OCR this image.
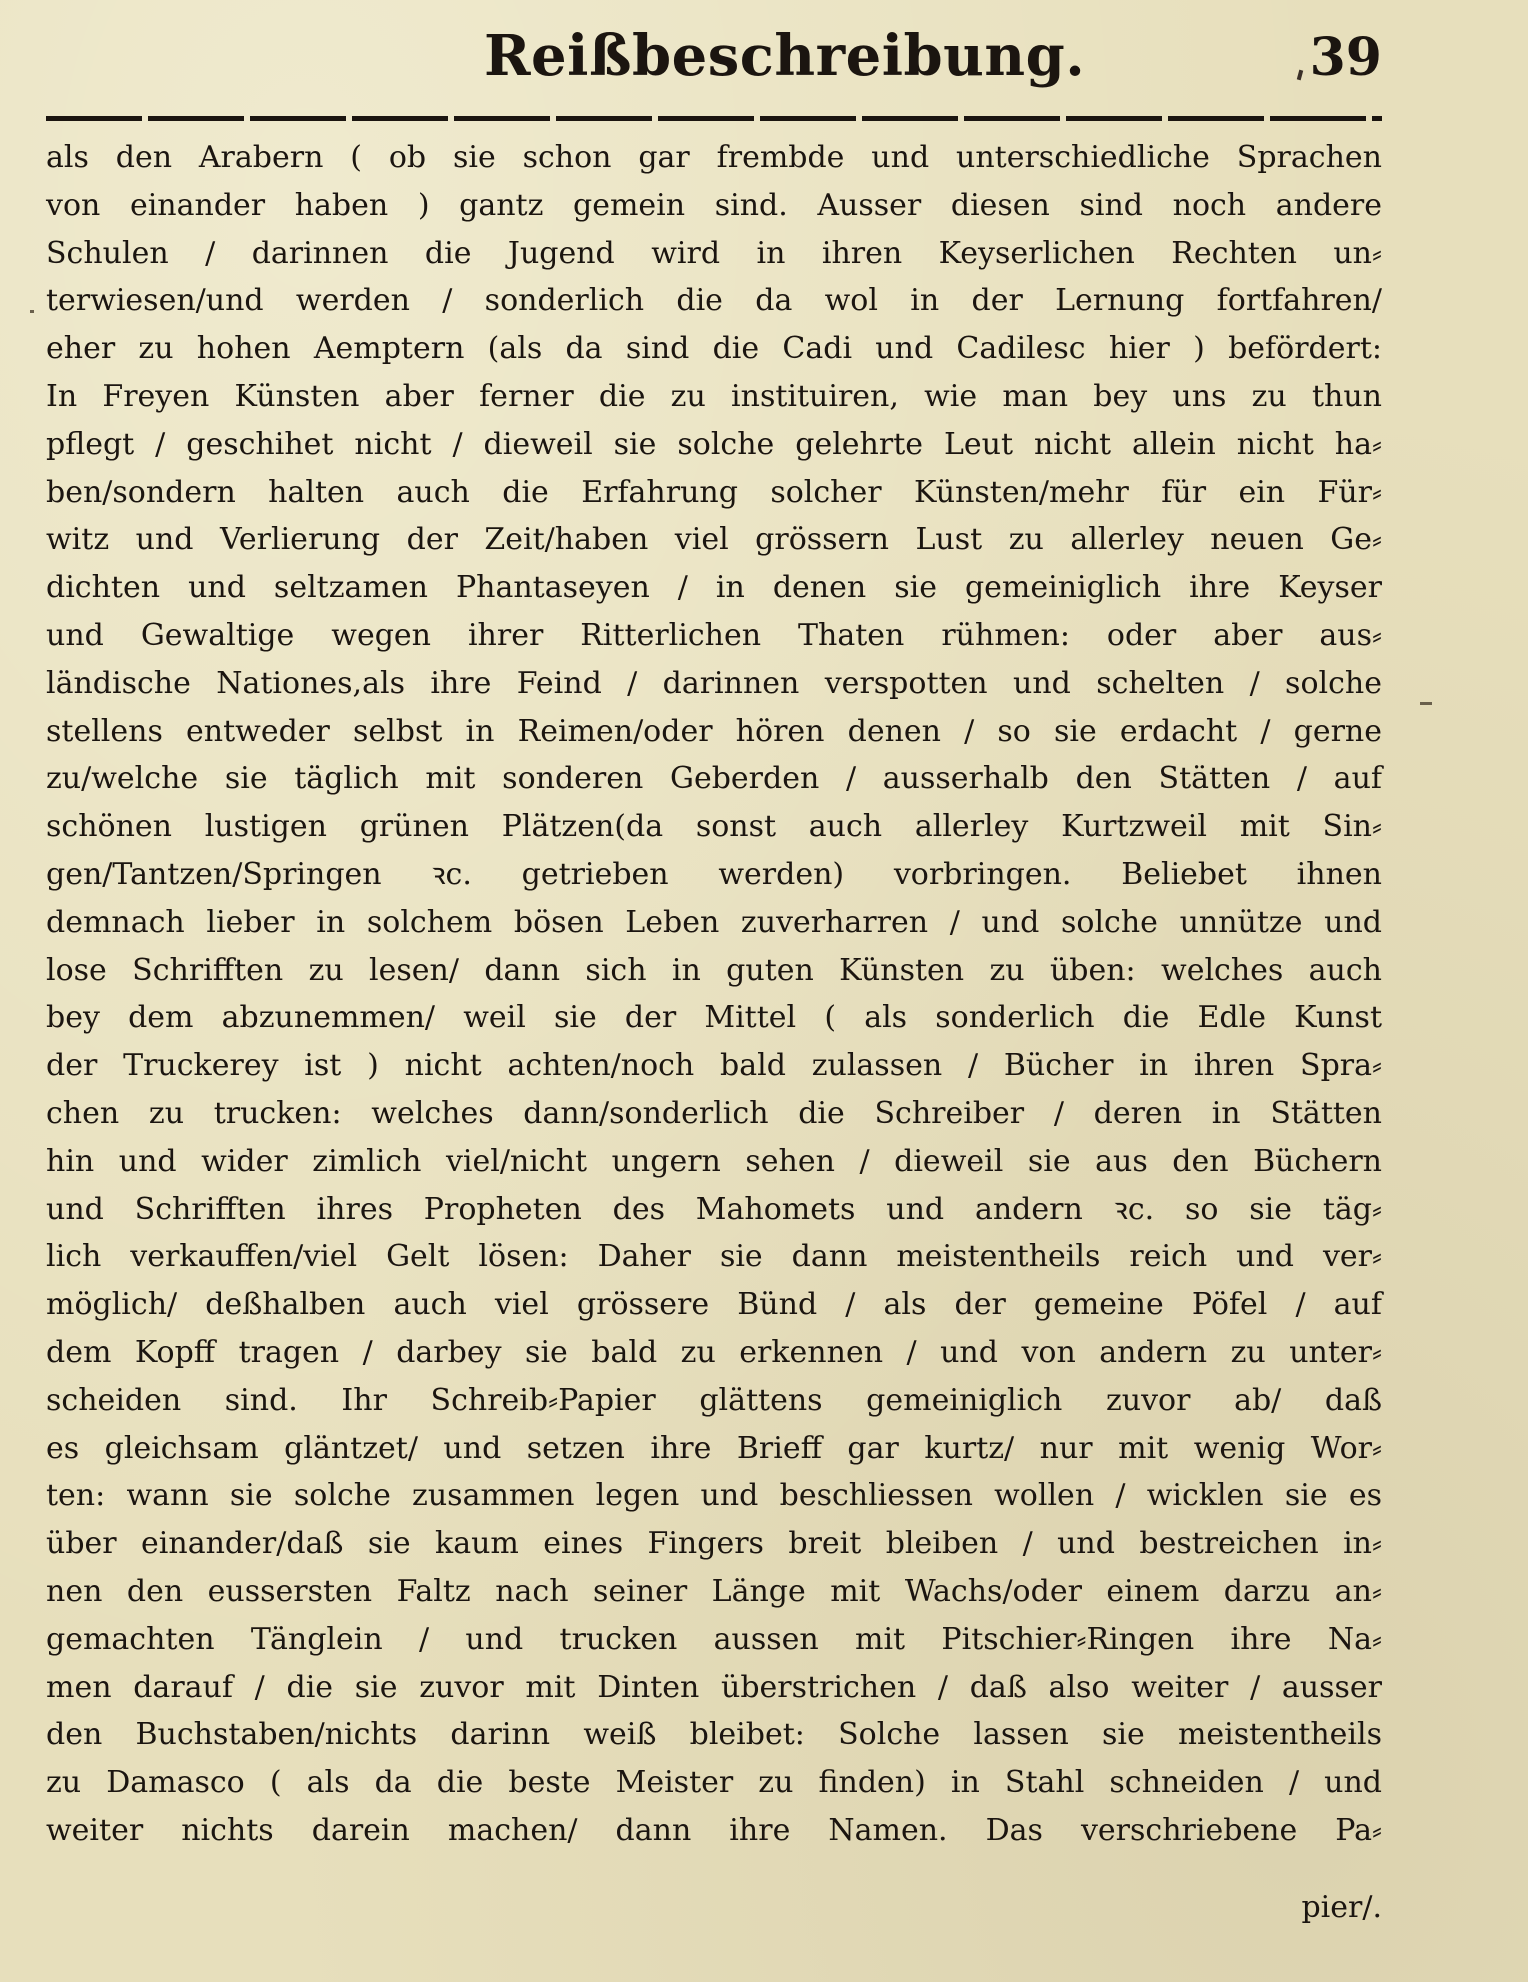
Reißbeschreibung.	39
als den Arabern ( ob sie schon gar frembde und unterschiedliche Sprachen
von einander haben ) gantz gemein sind. Ausser diesen sind noch andere
Schulen / darinnen die Jugend wird in ihren Keyserlichen Rechten un⸗
terwiesen/und werden / sonderlich die da wol in der Lernung fortfahren/
eher zu hohen Aemptern (als da sind die Cadi und Cadilesc hier ) befördert:
In Freyen Künsten aber ferner die zu instituiren, wie man bey uns zu thun
pflegt / geschihet nicht / dieweil sie solche gelehrte Leut nicht allein nicht ha⸗
ben/sondern halten auch die Erfahrung solcher Künsten/mehr für ein Für⸗
witz und Verlierung der Zeit/haben viel grössern Lust zu allerley neuen Ge⸗
dichten und seltzamen Phantaseyen / in denen sie gemeiniglich ihre Keyser
und Gewaltige wegen ihrer Ritterlichen Thaten rühmen: oder aber aus⸗
ländische Nationes,als ihre Feind / darinnen verspotten und schelten / solche
stellens entweder selbst in Reimen/oder hören denen / so sie erdacht / gerne
zu/welche sie täglich mit sonderen Geberden / ausserhalb den Stätten / auf
schönen lustigen grünen Plätzen(da sonst auch allerley Kurtzweil mit Sin⸗
gen/Tantzen/Springen ꝛc. getrieben werden) vorbringen. Beliebet ihnen
demnach lieber in solchem bösen Leben zuverharren / und solche unnütze und
lose Schrifften zu lesen/ dann sich in guten Künsten zu üben: welches auch
bey dem abzunemmen/ weil sie der Mittel ( als sonderlich die Edle Kunst
der Truckerey ist ) nicht achten/noch bald zulassen / Bücher in ihren Spra⸗
chen zu trucken: welches dann/sonderlich die Schreiber / deren in Stätten
hin und wider zimlich viel/nicht ungern sehen / dieweil sie aus den Büchern
und Schrifften ihres Propheten des Mahomets und andern ꝛc. so sie täg⸗
lich verkauffen/viel Gelt lösen: Daher sie dann meistentheils reich und ver⸗
möglich/ deßhalben auch viel grössere Bünd / als der gemeine Pöfel / auf
dem Kopff tragen / darbey sie bald zu erkennen / und von andern zu unter⸗
scheiden sind. Ihr Schreib⸗Papier glättens gemeiniglich zuvor ab/ daß
es gleichsam gläntzet/ und setzen ihre Brieff gar kurtz/ nur mit wenig Wor⸗
ten: wann sie solche zusammen legen und beschliessen wollen / wicklen sie es
über einander/daß sie kaum eines Fingers breit bleiben / und bestreichen in⸗
nen den eussersten Faltz nach seiner Länge mit Wachs/oder einem darzu an⸗
gemachten Tänglein / und trucken aussen mit Pitschier⸗Ringen ihre Na⸗
men darauf / die sie zuvor mit Dinten überstrichen / daß also weiter / ausser
den Buchstaben/nichts darinn weiß bleibet: Solche lassen sie meistentheils
zu Damasco ( als da die beste Meister zu finden) in Stahl schneiden / und
weiter nichts darein machen/ dann ihre Namen. Das verschriebene Pa⸗
pier/.
